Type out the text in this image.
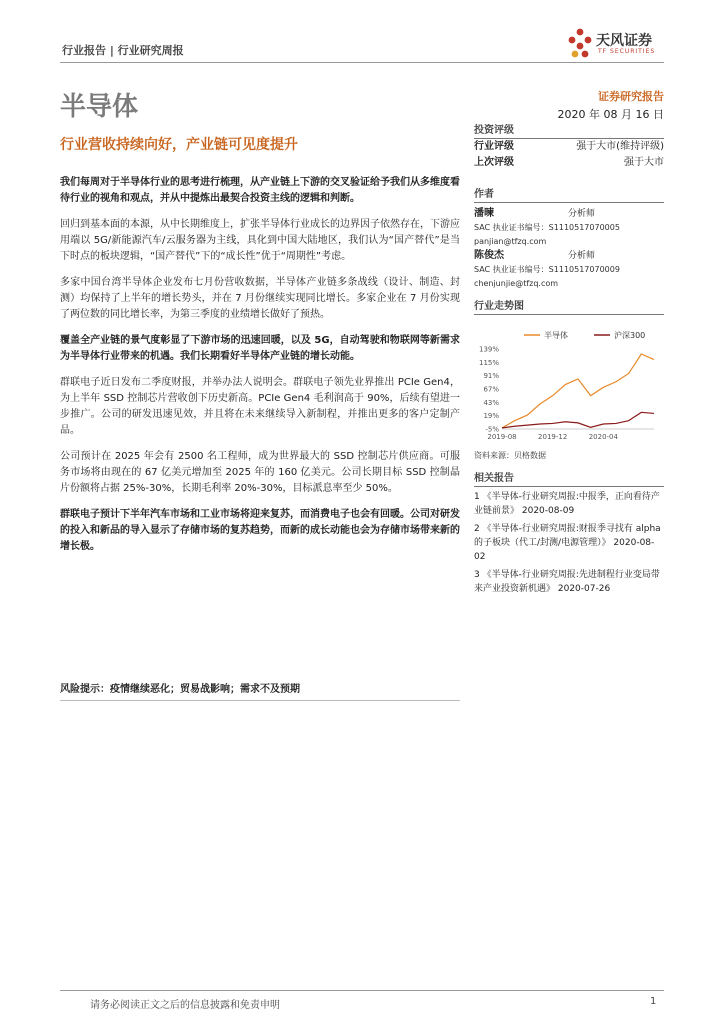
行业报告 | 行业研究周报
天风证券
TF SECURITIES
半导体
行业营收持续向好，产业链可见度提升
证券研究报告
2020 年 08 月 16 日

我们每周对于半导体行业的思考进行梳理，从产业链上下游的交叉验证给予我们从多维度看待行业的视角和观点，并从中提炼出最契合投资主线的逻辑和判断。

回归到基本面的本源，从中长期维度上，扩张半导体行业成长的边界因子依然存在，下游应用端以 5G/新能源汽车/云服务器为主线，具化到中国大陆地区，我们认为“国产替代”是当下时点的板块逻辑，“国产替代”下的“成长性”优于“周期性”考虑。

多家中国台湾半导体企业发布七月份营收数据，半导体产业链多条战线（设计、制造、封测）均保持了上半年的增长势头，并在 7 月份继续实现同比增长。多家企业在 7 月份实现了两位数的同比增长率，为第三季度的业绩增长做好了预热。

覆盖全产业链的景气度彰显了下游市场的迅速回暖，以及 5G，自动驾驶和物联网等新需求为半导体行业带来的机遇。我们长期看好半导体产业链的增长动能。

群联电子近日发布二季度财报，并举办法人说明会。群联电子领先业界推出 PCIe Gen4，为上半年 SSD 控制芯片营收创下历史新高。PCIe Gen4 毛利润高于 90%，后续有望进一步推广。公司的研发迅速见效，并且将在未来继续导入新制程，并推出更多的客户定制产品。

公司预计在 2025 年会有 2500 名工程师，成为世界最大的 SSD 控制芯片供应商。可服务市场将由现在的 67 亿美元增加至 2025 年的 160 亿美元。公司长期目标 SSD 控制晶片份额将占据 25%-30%，长期毛利率 20%-30%，目标派息率至少 50%。

群联电子预计下半年汽车市场和工业市场将迎来复苏，而消费电子也会有回暖。公司对研发的投入和新品的导入显示了存储市场的复苏趋势，而新的成长动能也会为存储市场带来新的增长极。

风险提示：疫情继续恶化；贸易战影响；需求不及预期
投资评级
行业评级	强于大市(维持评级)
上次评级	强于大市
作者
潘暕	分析师
SAC 执业证书编号：S1110517070005
panjian@tfzq.com
陈俊杰	分析师
SAC 执业证书编号：S1110517070009
chenjunjie@tfzq.com
行业走势图
半导体	沪深300
139%
115%
91%
67%
43%
19%
-5%
2019-08	2019-12	2020-04
资料来源：贝格数据
相关报告
1 《半导体-行业研究周报:中报季，正向看待产业链前景》 2020-08-09
2 《半导体-行业研究周报:财报季寻找有 alpha 的子板块（代工/封测/电源管理）》 2020-08-02
3 《半导体-行业研究周报:先进制程行业变局带来产业投资新机遇》 2020-07-26
请务必阅读正文之后的信息披露和免责申明	1
